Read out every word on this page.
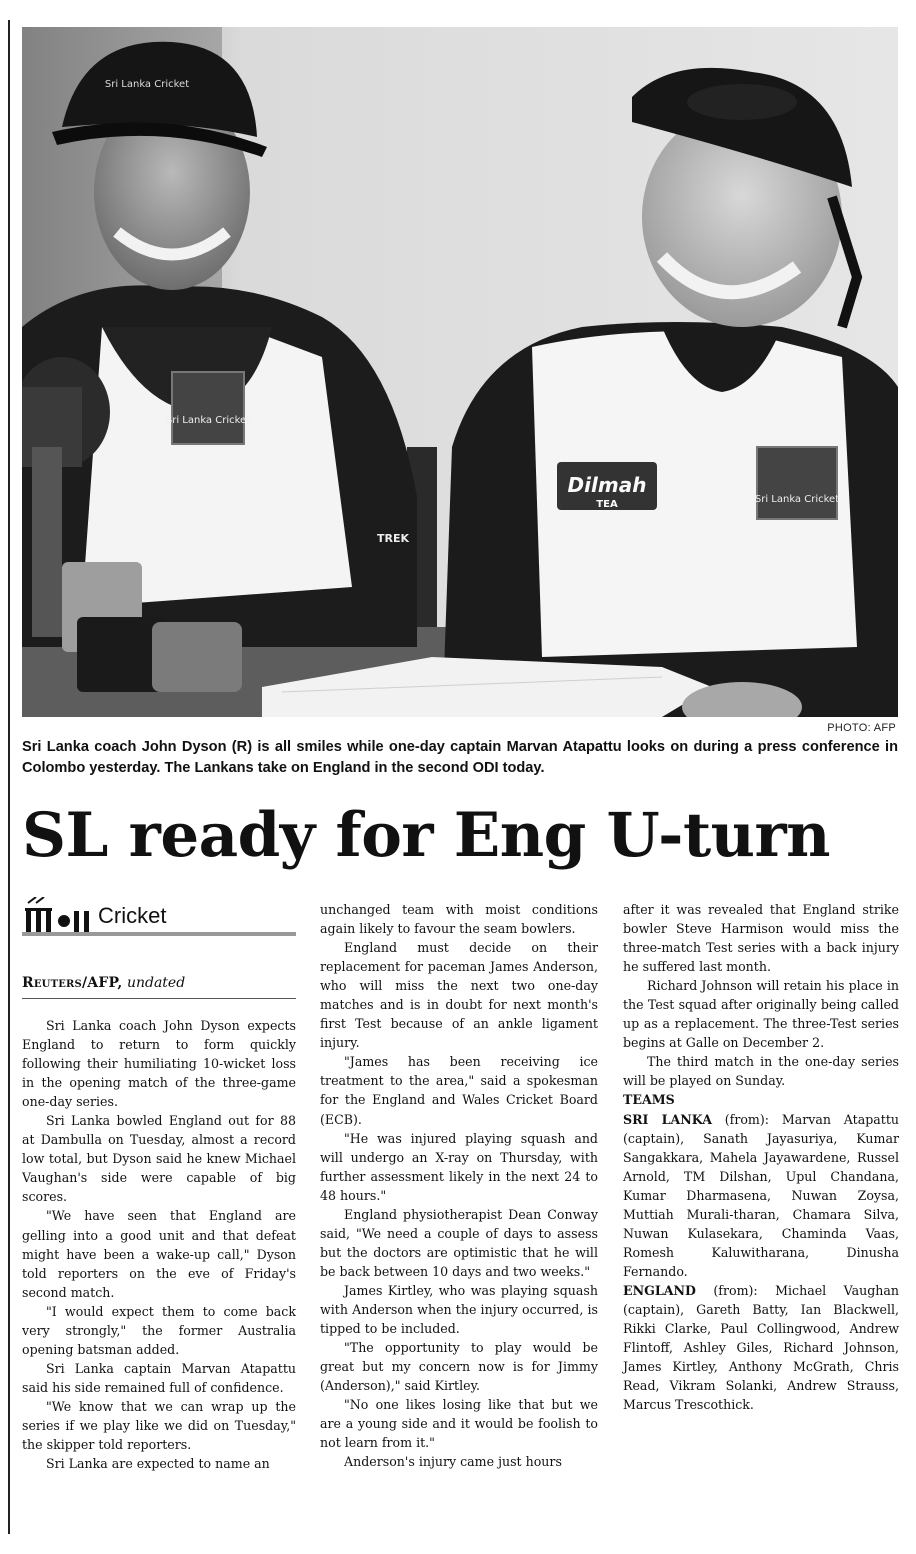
Sri Lanka Cricket
TREK
Sri Lanka Cricket
Dilmah
TEA	Sri Lanka Cricket
PHOTO: AFP
Sri Lanka coach John Dyson (R) is all smiles while one-day captain Marvan Atapattu looks on during a press conference in Colombo yesterday. The Lankans take on England in the second ODI today.
SL ready for Eng U-turn
Cricket
Reuters/AFP, undated

Sri Lanka coach John Dyson expects England to return to form quickly following their humiliating 10-wicket loss in the opening match of the three-game one-day series.

Sri Lanka bowled England out for 88 at Dambulla on Tuesday, almost a record low total, but Dyson said he knew Michael Vaughan's side were capable of big scores.

"We have seen that England are gelling into a good unit and that defeat might have been a wake-up call," Dyson told reporters on the eve of Friday's second match.

"I would expect them to come back very strongly," the former Australia opening batsman added.

Sri Lanka captain Marvan Atapattu said his side remained full of confidence.

"We know that we can wrap up the series if we play like we did on Tuesday," the skipper told reporters.

Sri Lanka are expected to name an

unchanged team with moist conditions again likely to favour the seam bowlers.

England must decide on their replacement for paceman James Anderson, who will miss the next two one-day matches and is in doubt for next month's first Test because of an ankle ligament injury.

"James has been receiving ice treatment to the area," said a spokesman for the England and Wales Cricket Board (ECB).

"He was injured playing squash and will undergo an X-ray on Thursday, with further assessment likely in the next 24 to 48 hours."

England physiotherapist Dean Conway said, "We need a couple of days to assess but the doctors are optimistic that he will be back between 10 days and two weeks."

James Kirtley, who was playing squash with Anderson when the injury occurred, is tipped to be included.

"The opportunity to play would be great but my concern now is for Jimmy (Anderson)," said Kirtley.

"No one likes losing like that but we are a young side and it would be foolish to not learn from it."

Anderson's injury came just hours

after it was revealed that England strike bowler Steve Harmison would miss the three-match Test series with a back injury he suffered last month.

Richard Johnson will retain his place in the Test squad after originally being called up as a replacement. The three-Test series begins at Galle on December 2.

The third match in the one-day series will be played on Sunday.

TEAMS

SRI LANKA (from): Marvan Atapattu (captain), Sanath Jayasuriya, Kumar Sangakkara, Mahela Jayawardene, Russel Arnold, TM Dilshan, Upul Chandana, Kumar Dharmasena, Nuwan Zoysa, Muttiah Murali-tharan, Chamara Silva, Nuwan Kulasekara, Chaminda Vaas, Romesh Kaluwitharana, Dinusha Fernando.

ENGLAND (from): Michael Vaughan (captain), Gareth Batty, Ian Blackwell, Rikki Clarke, Paul Collingwood, Andrew Flintoff, Ashley Giles, Richard Johnson, James Kirtley, Anthony McGrath, Chris Read, Vikram Solanki, Andrew Strauss, Marcus Trescothick.
